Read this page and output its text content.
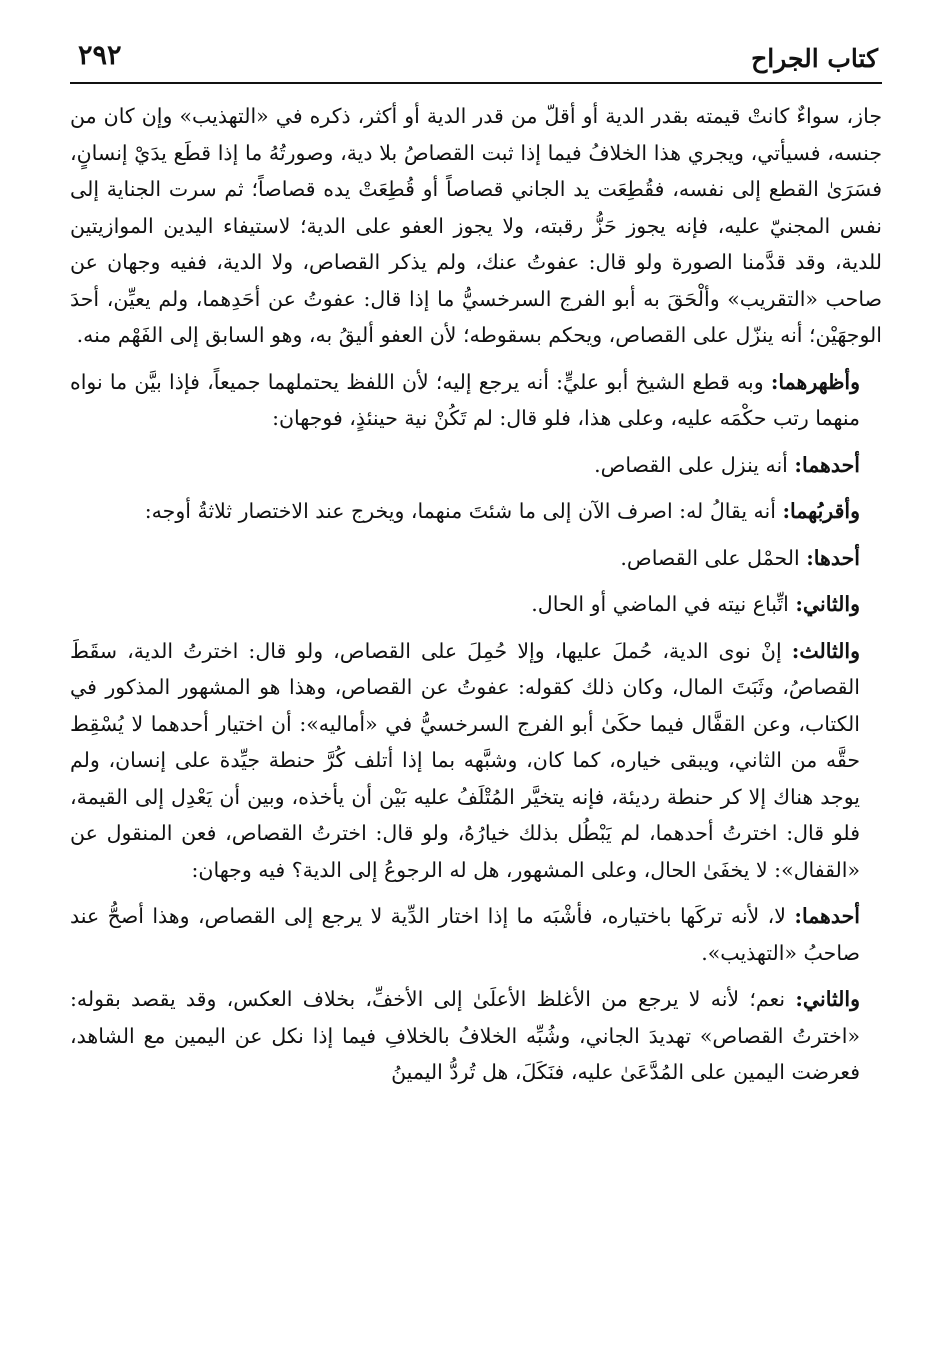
كتاب الجراح
٢٩٢

جاز، سواءٌ كانتْ قيمته بقدر الدية أو أقلّ من قدر الدية أو أكثر، ذكره في «التهذيب» وإن كان من جنسه، فسيأتي، ويجري هذا الخلافُ فيما إذا ثبت القصاصُ بلا دية، وصورتُهُ ما إذا قطَع يدَيْ إنسانٍ، فسَرَىٰ القطع إلى نفسه، فقُطِعَت يد الجاني قصاصاً أو قُطِعَتْ يده قصاصاً؛ ثم سرت الجناية إلى نفس المجنيّ عليه، فإنه يجوز حَزُّ رقبته، ولا يجوز العفو على الدية؛ لاستيفاء اليدين الموازيتين للدية، وقد قدَّمنا الصورة ولو قال: عفوتُ عنك، ولم يذكر القصاص، ولا الدية، ففيه وجهان عن صاحب «التقريب» وألْحَقَ به أبو الفرج السرخسيُّ ما إذا قال: عفوتُ عن أحَدِهما، ولم يعيِّن، أحدَ الوجهَيْن؛ أنه ينزّل على القصاص، ويحكم بسقوطه؛ لأن العفو أليقُ به، وهو السابق إلى الفَهْم منه.

وأظهرهما: وبه قطع الشيخ أبو عليٍّ: أنه يرجع إليه؛ لأن اللفظ يحتملهما جميعاً، فإذا بيَّن ما نواه منهما رتب حكْمَه عليه، وعلى هذا، فلو قال: لم تَكُنْ نية حينئذٍ، فوجهان:

أحدهما: أنه ينزل على القصاص.

وأقربُهما: أنه يقالُ له: اصرف الآن إلى ما شئتَ منهما، ويخرج عند الاختصار ثلاثةُ أوجه:

أحدها: الحمْل على القصاص.

والثاني: اتِّباع نيته في الماضي أو الحال.

والثالث: إنْ نوى الدية، حُملَ عليها، وإلا حُمِلَ على القصاص، ولو قال: اخترتُ الدية، سقَطَ القصاصُ، وثَبَتَ المال، وكان ذلك كقوله: عفوتُ عن القصاص، وهذا هو المشهور المذكور في الكتاب، وعن القفَّال فيما حكَىٰ أبو الفرج السرخسيُّ في «أماليه»: أن اختيار أحدهما لا يُسْقِط حقَّه من الثاني، ويبقى خياره، كما كان، وشبَّهه بما إذا أتلف كُرَّ حنطة جيِّدة على إنسان، ولم يوجد هناك إلا كر حنطة رديئة، فإنه يتخيَّر المُتْلَفُ عليه بَيْن أن يأخذه، وبين أن يَعْدِل إلى القيمة، فلو قال: اخترتُ أحدهما، لم يَبْطُل بذلك خيارُهُ، ولو قال: اخترتُ القصاص، فعن المنقول عن «القفال»: لا يخفَىٰ الحال، وعلى المشهور، هل له الرجوعُ إلى الدية؟ فيه وجهان:

أحدهما: لا، لأنه تركَها باختياره، فأشْبَه ما إذا اختار الدِّية لا يرجع إلى القصاص، وهذا أصحُّ عند صاحبُ «التهذيب».

والثاني: نعم؛ لأنه لا يرجع من الأغلظ الأعلَىٰ إلى الأخفِّ، بخلاف العكس، وقد يقصد بقوله: «اخترتُ القصاص» تهديدَ الجاني، وشُبِّه الخلافُ بالخلافِ فيما إذا نكل عن اليمين مع الشاهد، فعرضت اليمين على المُدَّعَىٰ عليه، فنَكَلَ، هل تُردُّ اليمينُ
